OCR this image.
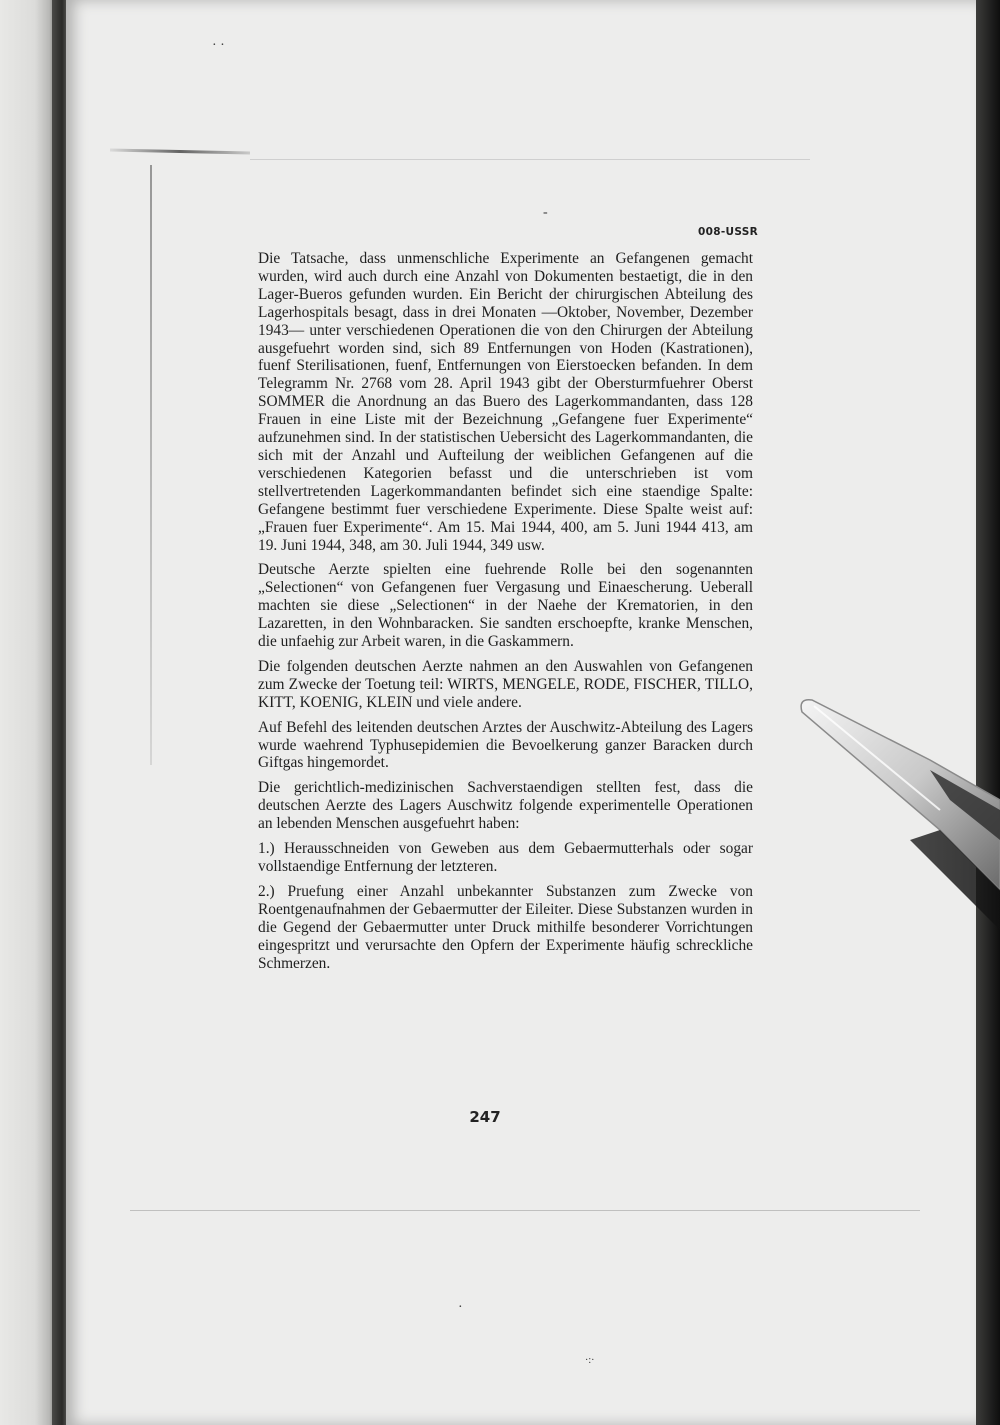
· ·
-
·
·:·
008-USSR

Die Tatsache, dass unmenschliche Experimente an Gefangenen gemacht wurden, wird auch durch eine Anzahl von Dokumenten bestaetigt, die in den Lager-Bueros gefunden wurden. Ein Bericht der chirurgischen Abteilung des Lagerhospitals besagt, dass in drei Monaten —Oktober, November, Dezember 1943— unter verschiedenen Operationen die von den Chirurgen der Abteilung ausgefuehrt worden sind, sich 89 Entfernungen von Hoden (Kastrationen), fuenf Sterilisationen, fuenf, Entfernungen von Eierstoecken befanden. In dem Telegramm Nr. 2768 vom 28. April 1943 gibt der Obersturmfuehrer Oberst SOMMER die Anordnung an das Buero des Lagerkommandanten, dass 128 Frauen in eine Liste mit der Bezeichnung „Gefangene fuer Experimente“ aufzunehmen sind. In der statistischen Uebersicht des Lagerkommandanten, die sich mit der Anzahl und Aufteilung der weiblichen Gefangenen auf die verschiedenen Kategorien befasst und die unterschrieben ist vom stellvertretenden Lagerkommandanten befindet sich eine staendige Spalte: Gefangene bestimmt fuer verschiedene Experimente. Diese Spalte weist auf: „Frauen fuer Experimente“. Am 15. Mai 1944, 400, am 5. Juni 1944 413, am 19. Juni 1944, 348, am 30. Juli 1944, 349 usw.

Deutsche Aerzte spielten eine fuehrende Rolle bei den sogenannten „Selectionen“ von Gefangenen fuer Vergasung und Einaescherung. Ueberall machten sie diese „Selectionen“ in der Naehe der Krematorien, in den Lazaretten, in den Wohnbaracken. Sie sandten erschoepfte, kranke Menschen, die unfaehig zur Arbeit waren, in die Gaskammern.

Die folgenden deutschen Aerzte nahmen an den Auswahlen von Gefangenen zum Zwecke der Toetung teil: WIRTS, MENGELE, RODE, FISCHER, TILLO, KITT, KOENIG, KLEIN und viele andere.

Auf Befehl des leitenden deutschen Arztes der Auschwitz-Abteilung des Lagers wurde waehrend Typhusepidemien die Bevoelkerung ganzer Baracken durch Giftgas hingemordet.

Die gerichtlich-medizinischen Sachverstaendigen stellten fest, dass die deutschen Aerzte des Lagers Auschwitz folgende experimentelle Operationen an lebenden Menschen ausgefuehrt haben:

1.) Herausschneiden von Geweben aus dem Gebaermutterhals oder sogar vollstaendige Entfernung der letzteren.

2.) Pruefung einer Anzahl unbekannter Substanzen zum Zwecke von Roentgenaufnahmen der Gebaermutter der Eileiter. Diese Substanzen wurden in die Gegend der Gebaermutter unter Druck mithilfe besonderer Vorrichtungen eingespritzt und verursachte den Opfern der Experimente häufig schreckliche Schmerzen.

247
